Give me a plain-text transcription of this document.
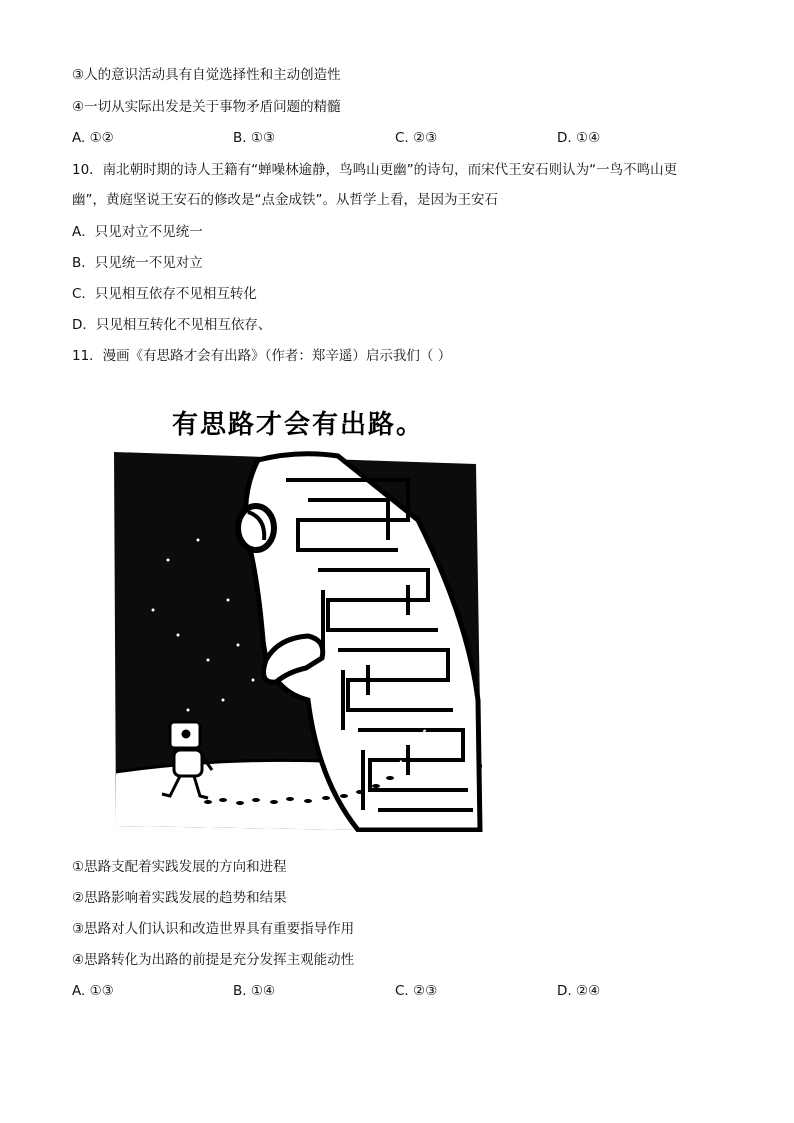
③人的意识活动具有自觉选择性和主动创造性
④一切从实际出发是关于事物矛盾问题的精髓
A. ①②	B. ①③	C. ②③	D. ①④
10．南北朝时期的诗人王籍有“蝉噪林逾静，鸟鸣山更幽”的诗句，而宋代王安石则认为“一鸟不鸣山更
幽”，黄庭坚说王安石的修改是“点金成铁”。从哲学上看，是因为王安石
A．只见对立不见统一
B．只见统一不见对立
C．只见相互依存不见相互转化
D．只见相互转化不见相互依存、
11．漫画《有思路才会有出路》（作者：郑辛遥）启示我们（ ）
有思路才会有出路。
①思路支配着实践发展的方向和进程
②思路影响着实践发展的趋势和结果
③思路对人们认识和改造世界具有重要指导作用
④思路转化为出路的前提是充分发挥主观能动性
A. ①③	B. ①④	C. ②③	D. ②④
